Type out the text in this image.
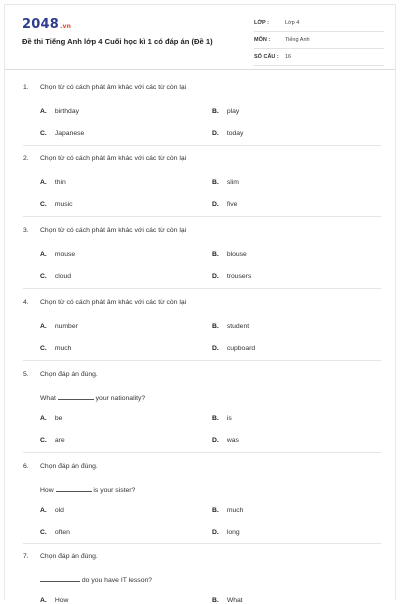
2048.vn
Đề thi Tiếng Anh lớp 4 Cuối học kì 1 có đáp án (Đề 1)
LỚP :	Lớp 4
MÔN :	Tiếng Anh
SỐ CÂU : 16
1. Chọn từ có cách phát âm khác với các từ còn lại
A. birthday	B. play
C. Japanese	D. today
2. Chọn từ có cách phát âm khác với các từ còn lại
A. thin	B. slim
C. music	D. five
3. Chọn từ có cách phát âm khác với các từ còn lại
A. mouse	B. blouse
C. cloud	D. trousers
4. Chọn từ có cách phát âm khác với các từ còn lại
A. number	B. student
C. much	D. cupboard
5. Chọn đáp án đúng.
What	your nationality?
A. be	B. is
C. are	D. was
6. Chọn đáp án đúng.
How	is your sister?
A. old	B. much
C. often	D. long
7. Chọn đáp án đúng.
do you have IT lesson?
A. How	B. What
